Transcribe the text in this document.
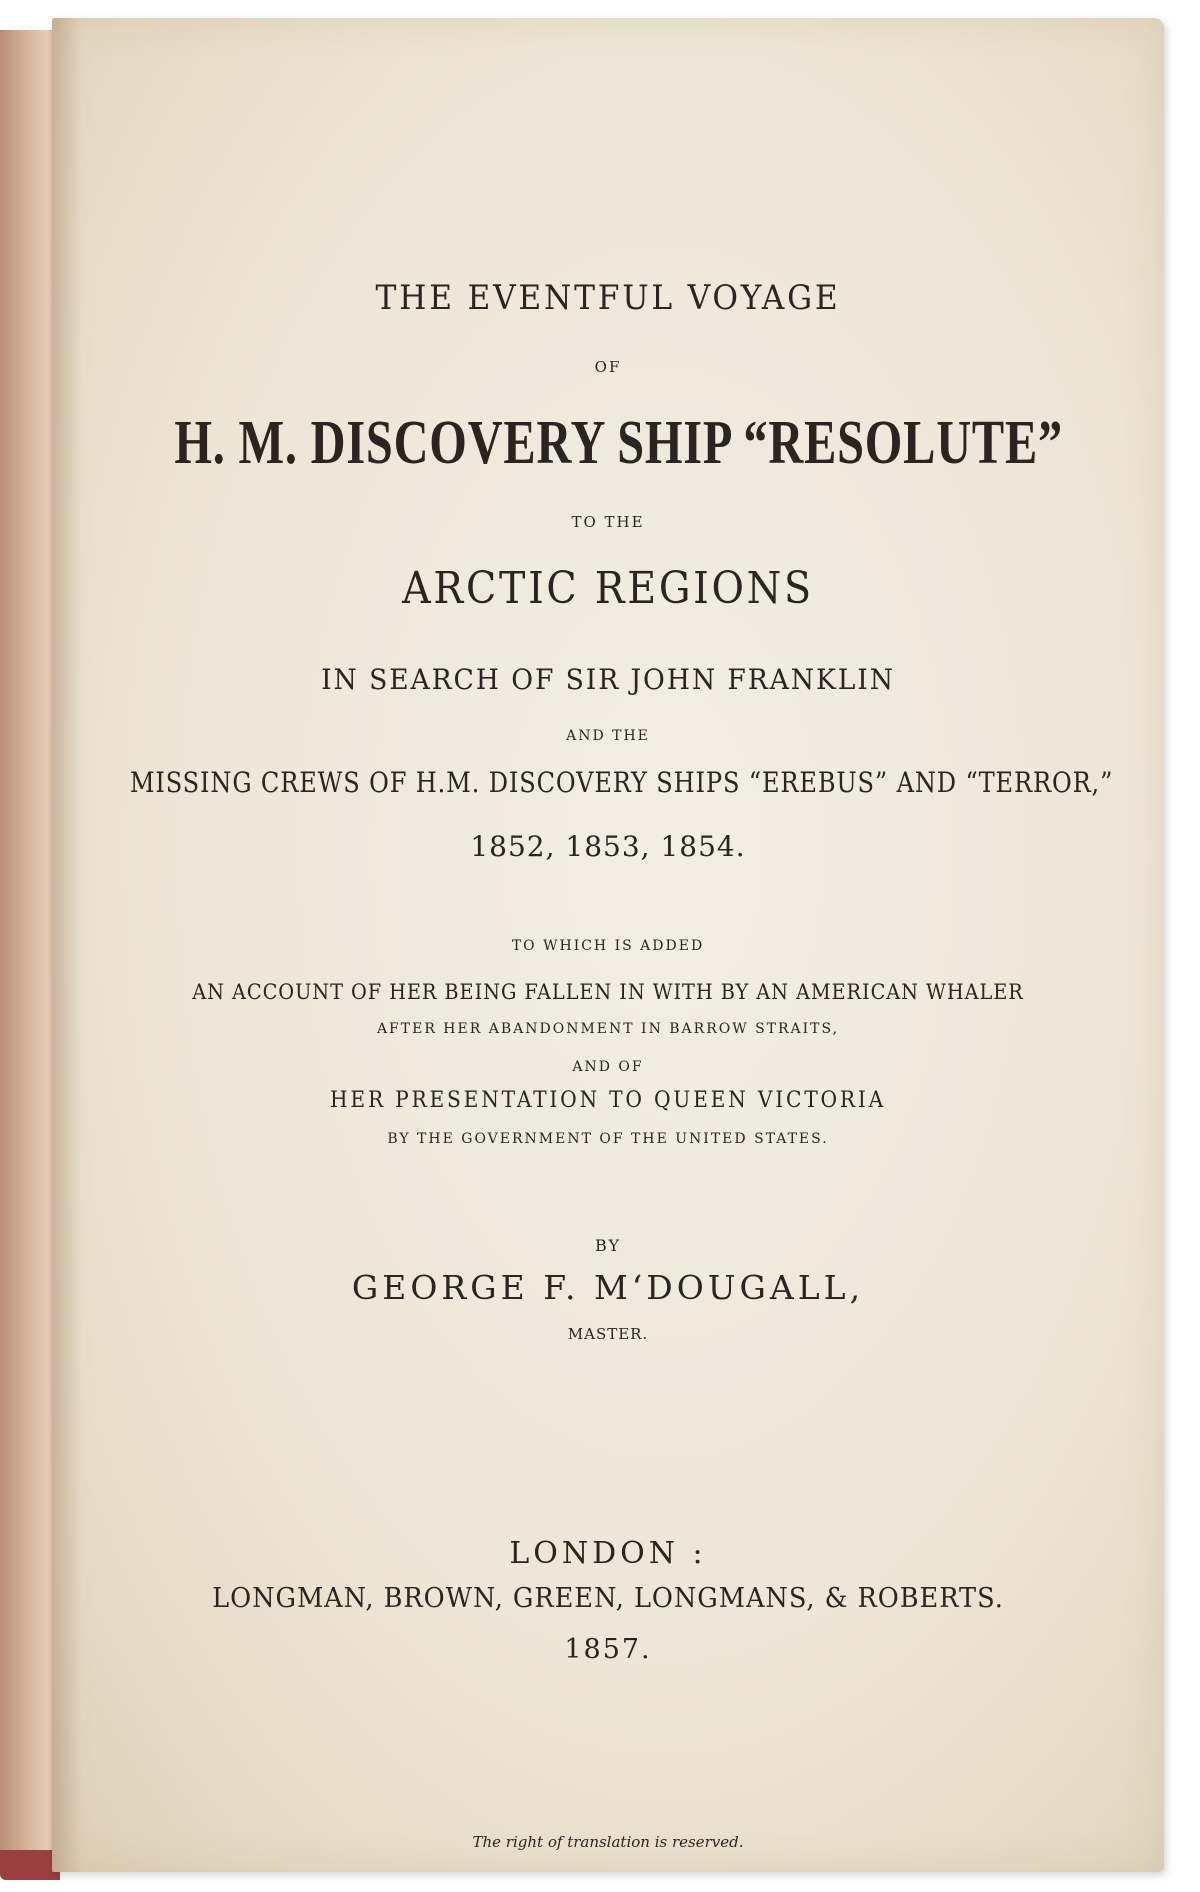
THE EVENTFUL VOYAGE
OF
H. M. DISCOVERY SHIP “RESOLUTE”
TO THE
ARCTIC REGIONS
IN SEARCH OF SIR JOHN FRANKLIN
AND THE
MISSING CREWS OF H.M. DISCOVERY SHIPS “EREBUS” AND “TERROR,”
1852, 1853, 1854.
TO WHICH IS ADDED
AN ACCOUNT OF HER BEING FALLEN IN WITH BY AN AMERICAN WHALER
AFTER HER ABANDONMENT IN BARROW STRAITS,
AND OF
HER PRESENTATION TO QUEEN VICTORIA
BY THE GOVERNMENT OF THE UNITED STATES.
BY
GEORGE F. M‘DOUGALL,
MASTER.
LONDON :
LONGMAN, BROWN, GREEN, LONGMANS, & ROBERTS.
1857.
The right of translation is reserved.
